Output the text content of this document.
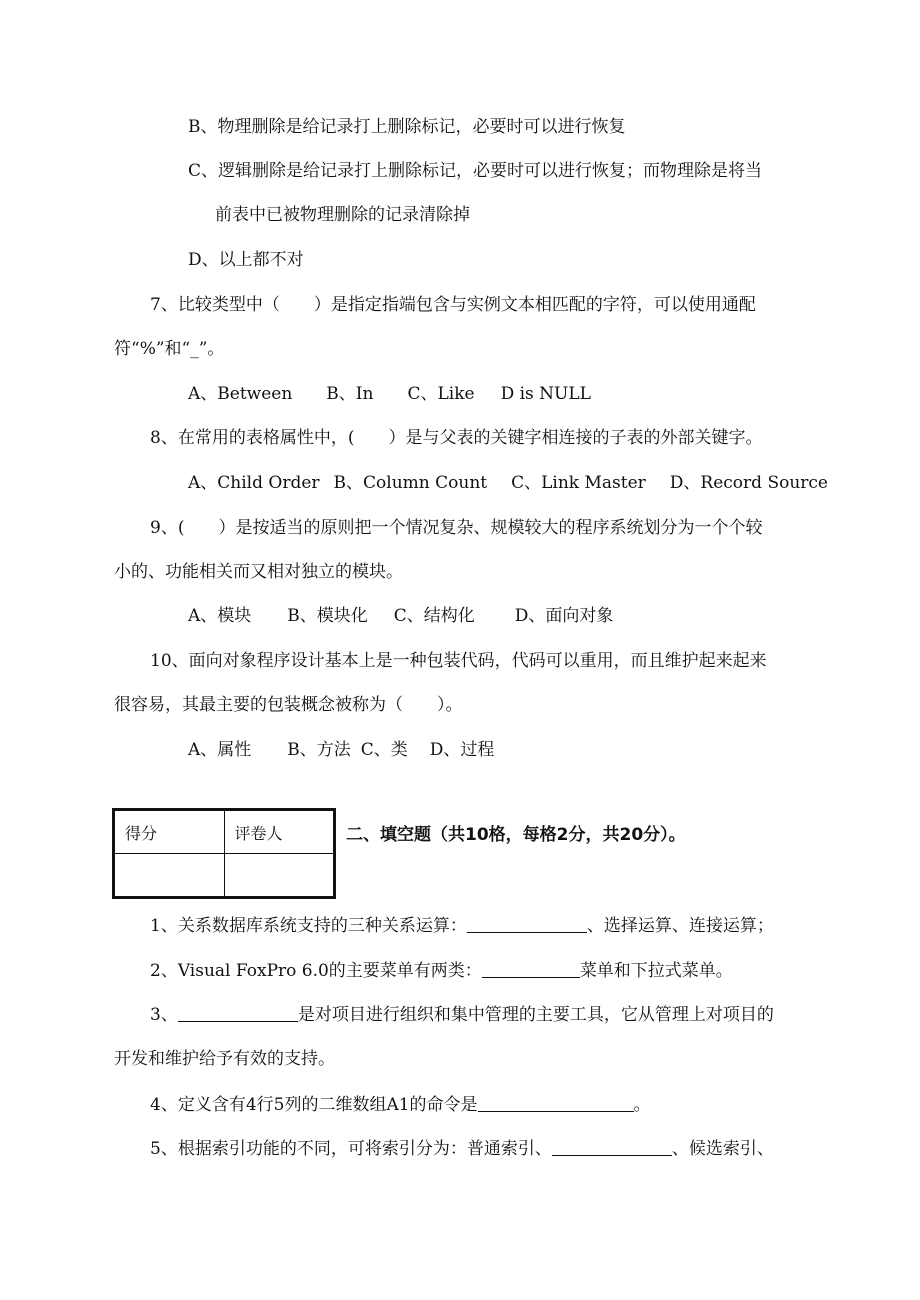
B、物理删除是给记录打上删除标记，必要时可以进行恢复
C、逻辑删除是给记录打上删除标记，必要时可以进行恢复；而物理除是将当
前表中已被物理删除的记录清除掉
D、以上都不对
7、比较类型中（　　）是指定指端包含与实例文本相匹配的字符，可以使用通配
符“%”和“_”。
A、Between B、In C、Like D is NULL
8、在常用的表格属性中，(　　）是与父表的关键字相连接的子表的外部关键字。
A、Child Order B、Column Count C、Link Master D、Record Source
9、(　　）是按适当的原则把一个情况复杂、规模较大的程序系统划分为一个个较
小的、功能相关而又相对独立的模块。
A、模块 B、模块化 C、结构化 D、面向对象
10、面向对象程序设计基本上是一种包装代码，代码可以重用，而且维护起来起来
很容易，其最主要的包装概念被称为（　　）。
A、属性 B、方法 C、类 D、过程
得分	评卷人
		二、填空题（共10格，每格2分，共20分）。
1、关系数据库系统支持的三种关系运算：	、选择运算、连接运算；
2、Visual FoxPro 6.0的主要菜单有两类：	菜单和下拉式菜单。
3、	是对项目进行组织和集中管理的主要工具，它从管理上对项目的
开发和维护给予有效的支持。
4、定义含有4行5列的二维数组A1的命令是	。
5、根据索引功能的不同，可将索引分为：普通索引、	、候选索引、
